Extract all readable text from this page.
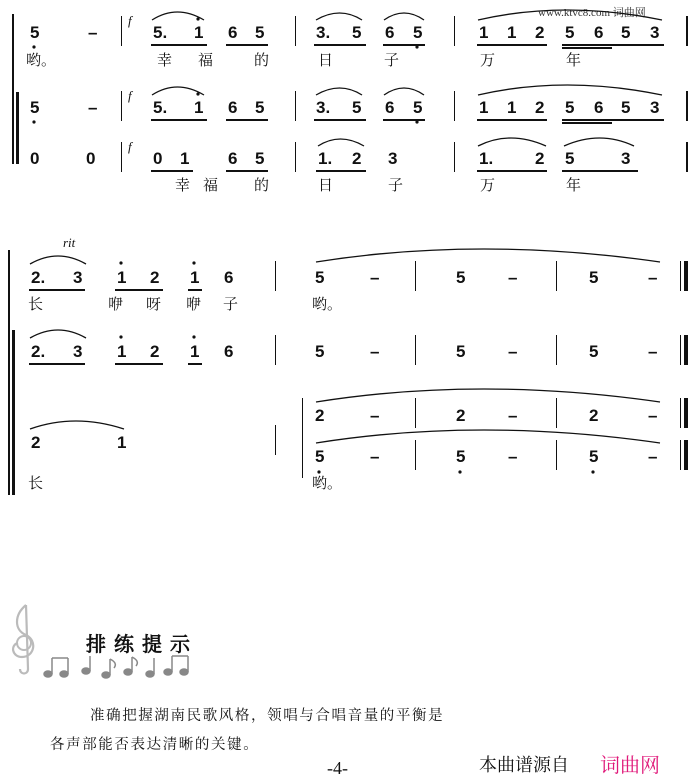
www.ktvc8.com 词曲网
5	–
f
5. 1 6 5	3. 5 6 5	1 1 2 5 6 5 3
哟。	幸 福	的	日	子	万	年
5	–
f
5. 1 6 5	3. 5 6 5	1 1 2 5 6 5 3
0	0
f
0 1 6 5	1. 2 3	1. 2 5	3
幸 福 的	日	子	万	年
rit
2. 3 1 2 1 6	5	–	5	–	5	–
长	咿 呀 咿 子	哟。
2. 3 1 2 1 6	5	–	5	–	5	–
2	1
2	–	2	–	2	–
5	–	5	–	5	–
长	哟。
排练提示
准确把握湖南民歌风格，领唱与合唱音量的平衡是
各声部能否表达清晰的关键。
-4-	本曲谱源自 词曲网
